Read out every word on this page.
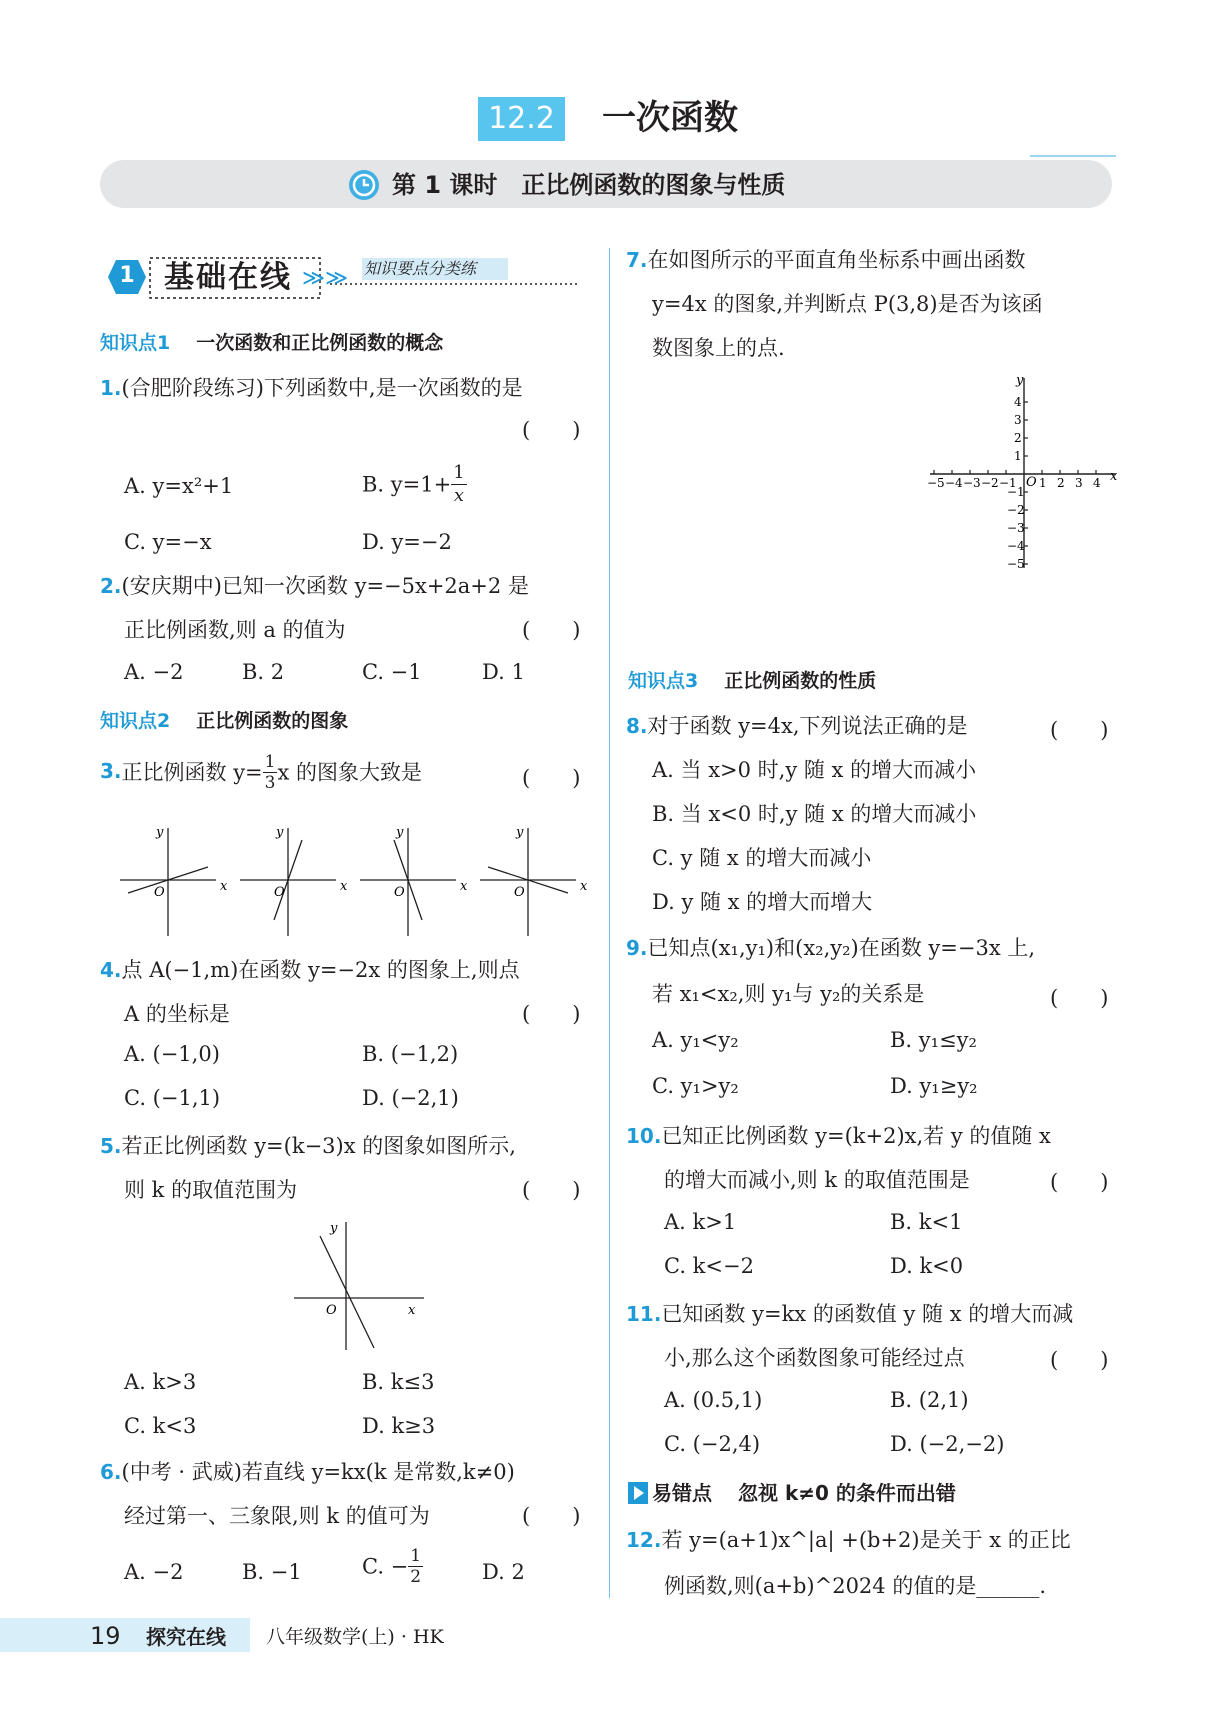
12.2 一次函数
第 1 课时　正比例函数的图象与性质
1 基础在线 ≫≫ 知识要点分类练
知识点1 一次函数和正比例函数的概念
1.(合肥阶段练习)下列函数中,是一次函数的是
(　　)
A. y=x²+1	B. $y=1+ \frac{1}{x}$
C. y=−x	D. y=−2
2.(安庆期中)已知一次函数 y=−5x+2a+2 是
正比例函数,则 a 的值为	(　　)
A. −2	B. 2	C. −1	D. 1
知识点2 正比例函数的图象
3.正比例函数 $y= \frac{1}{3}$ x 的图象大致是	(　　)
x
y
O	x
y
O	x
y
O	x
y
O
4.点 A(−1,m)在函数 y=−2x 的图象上,则点
A 的坐标是	(　　)
A. (−1,0)	B. (−1,2)
C. (−1,1)	D. (−2,1)
5.若正比例函数 y=(k−3)x 的图象如图所示,
则 k 的取值范围为	(　　)
x
y
O
A. k>3	B. k≤3
C. k<3	D. k≥3
6.(中考 · 武威)若直线 y=kx(k 是常数,k≠0)
经过第一、三象限,则 k 的值可为	(　　)
A. −2	B. −1	C. − $\frac{1}{2}$	D. 2
7.在如图所示的平面直角坐标系中画出函数
y=4x 的图象,并判断点 P(3,8)是否为该函
数图象上的点.
−5 −4 −3 −2 −1 1 2 3 4
4
3
2
1
−1
−2
−3
−4
−5
x
y
O
知识点3 正比例函数的性质
8.对于函数 y=4x,下列说法正确的是	(　　)
A. 当 x>0 时,y 随 x 的增大而减小
B. 当 x<0 时,y 随 x 的增大而减小
C. y 随 x 的增大而减小
D. y 随 x 的增大而增大
9.已知点(x₁,y₁)和(x₂,y₂)在函数 y=−3x 上,
若 x₁<x₂,则 y₁与 y₂的关系是	(　　)
A. y₁<y₂	B. y₁≤y₂
C. y₁>y₂	D. y₁≥y₂
10.已知正比例函数 y=(k+2)x,若 y 的值随 x
的增大而减小,则 k 的取值范围是	(　　)
A. k>1	B. k<1
C. k<−2	D. k<0
11.已知函数 y=kx 的函数值 y 随 x 的增大而减
小,那么这个函数图象可能经过点	(　　)
A. (0.5,1)	B. (2,1)
C. (−2,4)	D. (−2,−2)
易错点 忽视 k≠0 的条件而出错
12.若 y=(a+1)x^|a| +(b+2)是关于 x 的正比
例函数,则(a+b)^2024 的值的是______.
19 探究在线 八年级数学(上) · HK
